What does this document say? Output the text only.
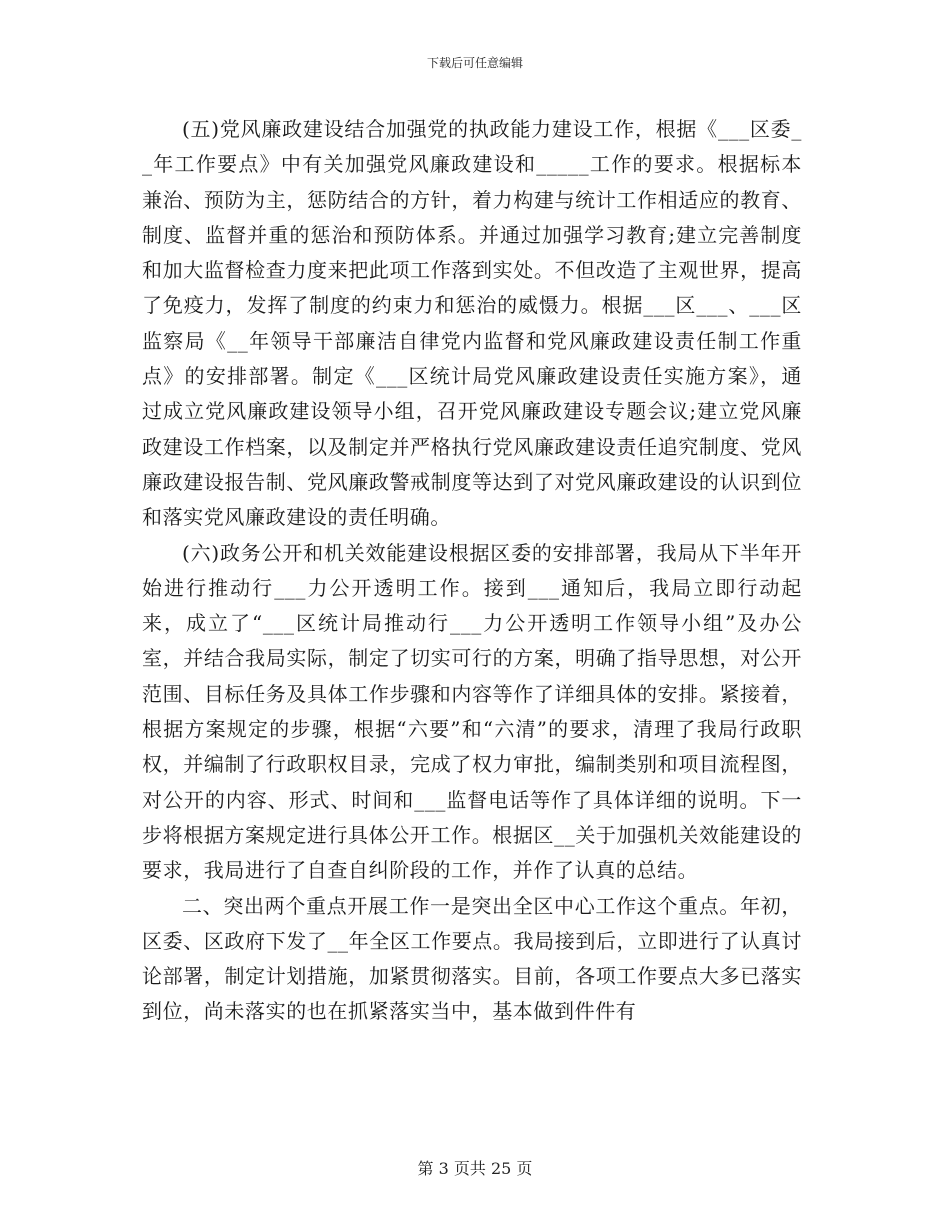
下载后可任意编辑

(五)党风廉政建设结合加强党的执政能力建设工作，根据《___区委__年工作要点》中有关加强党风廉政建设和_____工作的要求。根据标本兼治、预防为主，惩防结合的方针，着力构建与统计工作相适应的教育、制度、监督并重的惩治和预防体系。并通过加强学习教育;建立完善制度和加大监督检查力度来把此项工作落到实处。不但改造了主观世界，提高了免疫力，发挥了制度的约束力和惩治的威慑力。根据___区___、___区监察局《__年领导干部廉洁自律党内监督和党风廉政建设责任制工作重点》的安排部署。制定《___区统计局党风廉政建设责任实施方案》，通过成立党风廉政建设领导小组，召开党风廉政建设专题会议;建立党风廉政建设工作档案，以及制定并严格执行党风廉政建设责任追究制度、党风廉政建设报告制、党风廉政警戒制度等达到了对党风廉政建设的认识到位和落实党风廉政建设的责任明确。

(六)政务公开和机关效能建设根据区委的安排部署，我局从下半年开始进行推动行___力公开透明工作。接到___通知后，我局立即行动起来，成立了“___区统计局推动行___力公开透明工作领导小组”及办公室，并结合我局实际，制定了切实可行的方案，明确了指导思想，对公开范围、目标任务及具体工作步骤和内容等作了详细具体的安排。紧接着，根据方案规定的步骤，根据“六要”和“六清”的要求，清理了我局行政职权，并编制了行政职权目录，完成了权力审批，编制类别和项目流程图，对公开的内容、形式、时间和___监督电话等作了具体详细的说明。下一步将根据方案规定进行具体公开工作。根据区__关于加强机关效能建设的要求，我局进行了自查自纠阶段的工作，并作了认真的总结。

二、突出两个重点开展工作一是突出全区中心工作这个重点。年初，区委、区政府下发了__年全区工作要点。我局接到后，立即进行了认真讨论部署，制定计划措施，加紧贯彻落实。目前，各项工作要点大多已落实到位，尚未落实的也在抓紧落实当中，基本做到件件有

第 3 页共 25 页
